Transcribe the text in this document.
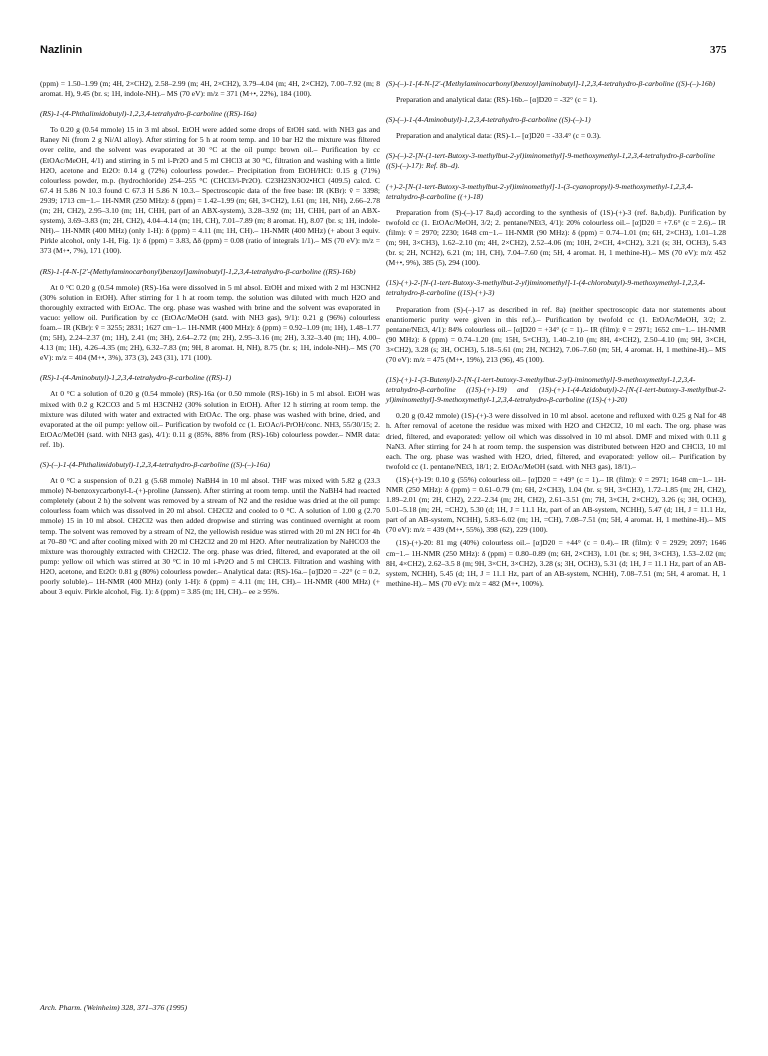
Nazlinin	375

(ppm) = 1.50–1.99 (m; 4H, 2×CH2), 2.58–2.99 (m; 4H, 2×CH2), 3.79–4.04 (m; 4H, 2×CH2), 7.00–7.92 (m; 8 aromat. H), 9.45 (br. s; 1H, indole-NH).– MS (70 eV): m/z = 371 (M+•, 22%), 184 (100).

(RS)-1-(4-Phthalimidobutyl)-1,2,3,4-tetrahydro-β-carboline ((RS)-16a)

To 0.20 g (0.54 mmole) 15 in 3 ml absol. EtOH were added some drops of EtOH satd. with NH3 gas and Raney Ni (from 2 g Ni/Al alloy). After stirring for 5 h at room temp. and 10 bar H2 the mixture was filtered over celite, and the solvent was evaporated at 30 °C at the oil pump: brown oil.– Purification by cc (EtOAc/MeOH, 4/1) and stirring in 5 ml i-Pr2O and 5 ml CHCl3 at 30 °C, filtration and washing with a little H2O, acetone and Et2O: 0.14 g (72%) colourless powder.– Precipitation from EtOH/HCl: 0.15 g (71%) colourless powder, m.p. (hydrochloride) 254–255 °C (CHCl3/i-Pr2O). C23H23N3O2•HCl (409.5) calcd. C 67.4 H 5.86 N 10.3 found C 67.3 H 5.86 N 10.3.– Spectroscopic data of the free base: IR (KBr): ṽ = 3398; 2939; 1713 cm−1.– 1H-NMR (250 MHz): δ (ppm) = 1.42–1.99 (m; 6H, 3×CH2), 1.61 (m; 1H, NH), 2.66–2.78 (m; 2H, CH2), 2.95–3.10 (m; 1H, CHH, part of an ABX-system), 3.28–3.92 (m; 1H, CHH, part of an ABX-system), 3.69–3.83 (m; 2H, CH2), 4.04–4.14 (m; 1H, CH), 7.01–7.89 (m; 8 aromat. H), 8.07 (br. s; 1H, indole-NH).– 1H-NMR (400 MHz) (only 1-H): δ (ppm) = 4.11 (m; 1H, CH).– 1H-NMR (400 MHz) (+ about 3 equiv. Pirkle alcohol, only 1-H, Fig. 1): δ (ppm) = 3.83, Δδ (ppm) = 0.08 (ratio of integrals 1/1).– MS (70 eV): m/z = 373 (M+•, 7%), 171 (100).

(RS)-1-[4-N-[2′-(Methylaminocarbonyl)benzoyl]aminobutyl]-1,2,3,4-tetrahydro-β-carboline ((RS)-16b)

At 0 °C 0.20 g (0.54 mmole) (RS)-16a were dissolved in 5 ml absol. EtOH and mixed with 2 ml H3CNH2 (30% solution in EtOH). After stirring for 1 h at room temp. the solution was diluted with much H2O and thoroughly extracted with EtOAc. The org. phase was washed with brine and the solvent was evaporated in vacuo: yellow oil. Purification by cc (EtOAc/MeOH (satd. with NH3 gas), 9/1): 0.21 g (96%) colourless foam.– IR (KBr): ṽ = 3255; 2831; 1627 cm−1.– 1H-NMR (400 MHz): δ (ppm) = 0.92–1.09 (m; 1H), 1.48–1.77 (m; 5H), 2.24–2.37 (m; 1H), 2.41 (m; 3H), 2.64–2.72 (m; 2H), 2.95–3.16 (m; 2H), 3.32–3.40 (m; 1H), 4.00–4.13 (m; 1H), 4.26–4.35 (m; 2H), 6.32–7.83 (m; 9H, 8 aromat. H, NH), 8.75 (br. s; 1H, indole-NH).– MS (70 eV): m/z = 404 (M+•, 3%), 373 (3), 243 (31), 171 (100).

(RS)-1-(4-Aminobutyl)-1,2,3,4-tetrahydro-β-carboline ((RS)-1)

At 0 °C a solution of 0.20 g (0.54 mmole) (RS)-16a (or 0.50 mmole (RS)-16b) in 5 ml absol. EtOH was mixed with 0.2 g K2CO3 and 5 ml H3CNH2 (30% solution in EtOH). After 12 h stirring at room temp. the mixture was diluted with water and extracted with EtOAc. The org. phase was washed with brine, dried, and evaporated at the oil pump: yellow oil.– Purification by twofold cc (1. EtOAc/i-PrOH/conc. NH3, 55/30/15; 2. EtOAc/MeOH (satd. with NH3 gas), 4/1): 0.11 g (85%, 88% from (RS)-16b) colourless powder.– NMR data: ref. 1b).

(S)-(–)-1-(4-Phthalimidobutyl)-1,2,3,4-tetrahydro-β-carboline ((S)-(–)-16a)

At 0 °C a suspension of 0.21 g (5.68 mmole) NaBH4 in 10 ml absol. THF was mixed with 5.82 g (23.3 mmole) N-benzoxycarbonyl-L-(+)-proline (Janssen). After stirring at room temp. until the NaBH4 had reacted completely (about 2 h) the solvent was removed by a stream of N2 and the residue was dried at the oil pump: colourless foam which was dissolved in 20 ml absol. CH2Cl2 and cooled to 0 °C. A solution of 1.00 g (2.70 mmole) 15 in 10 ml absol. CH2Cl2 was then added dropwise and stirring was continued overnight at room temp. The solvent was removed by a stream of N2, the yellowish residue was stirred with 20 ml 2N HCl for 4h at 70–80 °C and after cooling mixed with 20 ml CH2Cl2 and 20 ml H2O. After neutralization by NaHCO3 the mixture was thoroughly extracted with CH2Cl2. The org. phase was dried, filtered, and evaporated at the oil pump: yellow oil which was stirred at 30 °C in 10 ml i-Pr2O and 5 ml CHCl3. Filtration and washing with H2O, acetone, and Et2O: 0.81 g (80%) colourless powder.– Analytical data: (RS)-16a.– [α]D20 = -22° (c = 0.2, poorly soluble).– 1H-NMR (400 MHz) (only 1-H): δ (ppm) = 4.11 (m; 1H, CH).– 1H-NMR (400 MHz) (+ about 3 equiv. Pirkle alcohol, Fig. 1): δ (ppm) = 3.85 (m; 1H, CH).– ee ≥ 95%.

(S)-(–)-1-[4-N-[2′-(Methylaminocarbonyl)benzoyl]aminobutyl]-1,2,3,4-tetrahydro-β-carboline ((S)-(–)-16b)

Preparation and analytical data: (RS)-16b.– [α]D20 = -32° (c = 1).

(S)-(–)-1-(4-Aminobutyl)-1,2,3,4-tetrahydro-β-carboline ((S)-(–)-1)

Preparation and analytical data: (RS)-1.– [α]D20 = -33.4° (c = 0.3).

(S)-(–)-2-[N-(1-tert-Butoxy-3-methylbut-2-yl)iminomethyl]-9-methoxymethyl-1,2,3,4-tetrahydro-β-carboline ((S)-(–)-17): Ref. 8b–d).

(+)-2-[N-(1-tert-Butoxy-3-methylbut-2-yl)iminomethyl]-1-(3-cyanopropyl)-9-methoxymethyl-1,2,3,4-tetrahydro-β-carboline ((+)-18)

Preparation from (S)-(–)-17 8a,d) according to the synthesis of (1S)-(+)-3 (ref. 8a,b,d)). Purification by twofold cc (1. EtOAc/MeOH, 3/2; 2. pentane/NEt3, 4/1): 20% colourless oil.– [α]D20 = +7.6° (c = 2.6).– IR (film): ṽ = 2970; 2230; 1648 cm−1.– 1H-NMR (90 MHz): δ (ppm) = 0.74–1.01 (m; 6H, 2×CH3), 1.01–1.28 (m; 9H, 3×CH3), 1.62–2.10 (m; 4H, 2×CH2), 2.52–4.06 (m; 10H, 2×CH, 4×CH2), 3.21 (s; 3H, OCH3), 5.43 (br. s; 2H, NCH2), 6.21 (m; 1H, CH), 7.04–7.60 (m; 5H, 4 aromat. H, 1 methine-H).– MS (70 eV): m/z 452 (M+•, 9%), 385 (5), 294 (100).

(1S)-(+)-2-[N-(1-tert-Butoxy-3-methylbut-2-yl)iminomethyl]-1-(4-chlorobutyl)-9-methoxymethyl-1,2,3,4-tetrahydro-β-carboline ((1S)-(+)-3)

Preparation from (S)-(–)-17 as described in ref. 8a) (neither spectroscopic data nor statements about enantiomeric purity were given in this ref.).– Purification by twofold cc (1. EtOAc/MeOH, 3/2; 2. pentane/NEt3, 4/1): 84% colourless oil.– [α]D20 = +34° (c = 1).– IR (film): ṽ = 2971; 1652 cm−1.– 1H-NMR (90 MHz): δ (ppm) = 0.74–1.20 (m; 15H, 5×CH3), 1.40–2.10 (m; 8H, 4×CH2), 2.50–4.10 (m; 9H, 3×CH, 3×CH2), 3.28 (s; 3H, OCH3), 5.18–5.61 (m; 2H, NCH2), 7.06–7.60 (m; 5H, 4 aromat. H, 1 methine-H).– MS (70 eV): m/z = 475 (M+•, 19%), 213 (96), 45 (100).

(1S)-(+)-1-(3-Butenyl)-2-[N-(1-tert-butoxy-3-methylbut-2-yl)-iminomethyl]-9-methoxymethyl-1,2,3,4-tetrahydro-β-carboline ((1S)-(+)-19) and (1S)-(+)-1-(4-Azidobutyl)-2-[N-(1-tert-butoxy-3-methylbut-2-yl)iminomethyl]-9-methoxymethyl-1,2,3,4-tetrahydro-β-carboline ((1S)-(+)-20)

0.20 g (0.42 mmole) (1S)-(+)-3 were dissolved in 10 ml absol. acetone and refluxed with 0.25 g NaI for 48 h. After removal of acetone the residue was mixed with H2O and CH2Cl2, 10 ml each. The org. phase was dried, filtered, and evaporated: yellow oil which was dissolved in 10 ml absol. DMF and mixed with 0.11 g NaN3. After stirring for 24 h at room temp. the suspension was distributed between H2O and CHCl3, 10 ml each. The org. phase was washed with H2O, dried, filtered, and evaporated: yellow oil.– Purification by twofold cc (1. pentane/NEt3, 18/1; 2. EtOAc/MeOH (satd. with NH3 gas), 18/1).–

(1S)-(+)-19: 0.10 g (55%) colourless oil.– [α]D20 = +49° (c = 1).– IR (film): ṽ = 2971; 1648 cm−1.– 1H-NMR (250 MHz): δ (ppm) = 0.61–0.79 (m; 6H, 2×CH3), 1.04 (br. s; 9H, 3×CH3), 1.72–1.85 (m; 2H, CH2), 1.89–2.01 (m; 2H, CH2), 2.22–2.34 (m; 2H, CH2), 2.61–3.51 (m; 7H, 3×CH, 2×CH2), 3.26 (s; 3H, OCH3), 5.01–5.18 (m; 2H, =CH2), 5.30 (d; 1H, J = 11.1 Hz, part of an AB-system, NCHH), 5.47 (d; 1H, J = 11.1 Hz, part of an AB-system, NCHH), 5.83–6.02 (m; 1H, =CH), 7.08–7.51 (m; 5H, 4 aromat. H, 1 methine-H).– MS (70 eV): m/z = 439 (M+•, 55%), 398 (62), 229 (100).

(1S)-(+)-20: 81 mg (40%) colourless oil.– [α]D20 = +44° (c = 0.4).– IR (film): ṽ = 2929; 2097; 1646 cm−1.– 1H-NMR (250 MHz): δ (ppm) = 0.80–0.89 (m; 6H, 2×CH3), 1.01 (br. s; 9H, 3×CH3), 1.53–2.02 (m; 8H, 4×CH2), 2.62–3.5 8 (m; 9H, 3×CH, 3×CH2), 3.28 (s; 3H, OCH3), 5.31 (d; 1H, J = 11.1 Hz, part of an AB-system, NCHH), 5.45 (d; 1H, J = 11.1 Hz, part of an AB-system, NCHH), 7.08–7.51 (m; 5H, 4 aromat. H, 1 methine-H).– MS (70 eV): m/z = 482 (M+•, 100%).

Arch. Pharm. (Weinheim) 328, 371–376 (1995)
